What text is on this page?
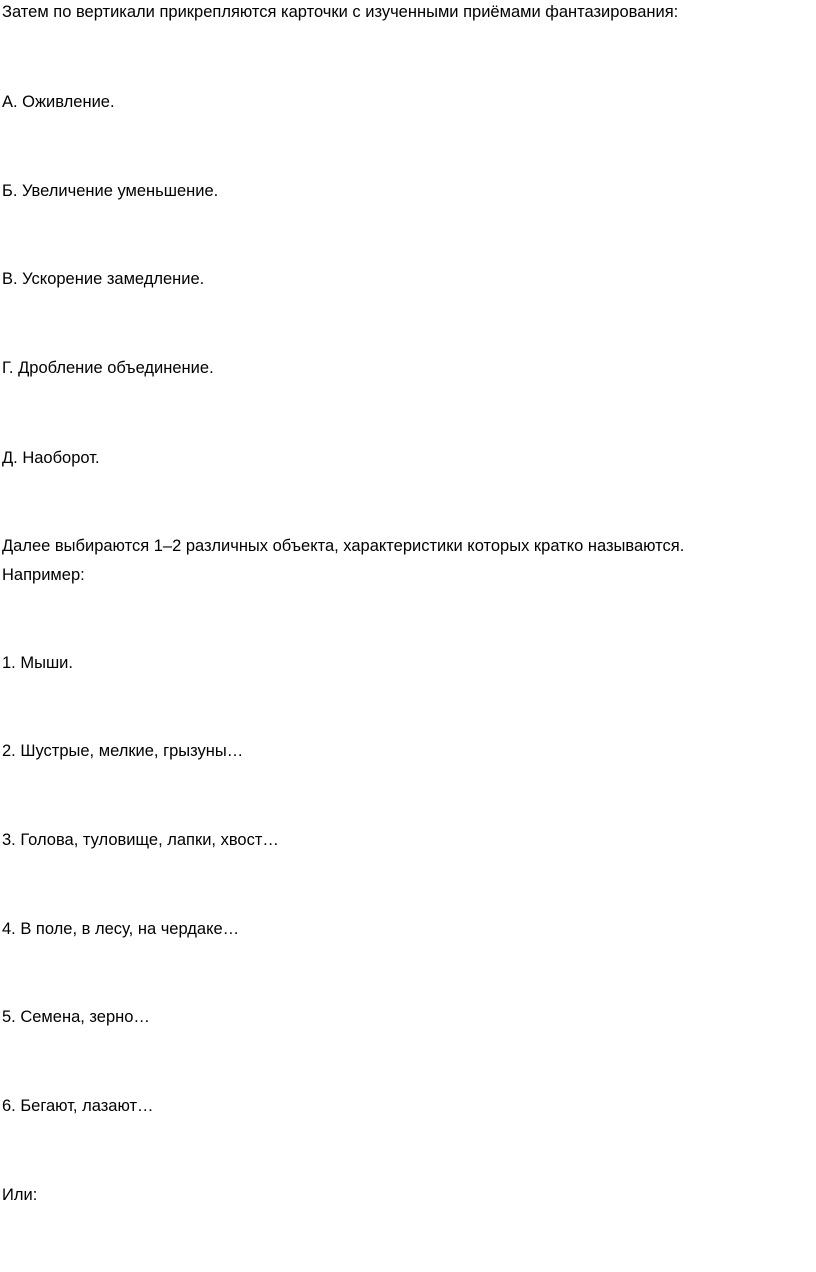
Затем по вертикали прикрепляются карточки с изученными приёмами фантазирования:
А. Оживление.
Б. Увеличение уменьшение.
В. Ускорение замедление.
Г. Дробление объединение.
Д. Наоборот.
Далее выбираются 1–2 различных объекта, характеристики которых кратко называются.
Например:
1. Мыши.
2. Шустрые, мелкие, грызуны…
3. Голова, туловище, лапки, хвост…
4. В поле, в лесу, на чердаке…
5. Семена, зерно…
6. Бегают, лазают…
Или:
